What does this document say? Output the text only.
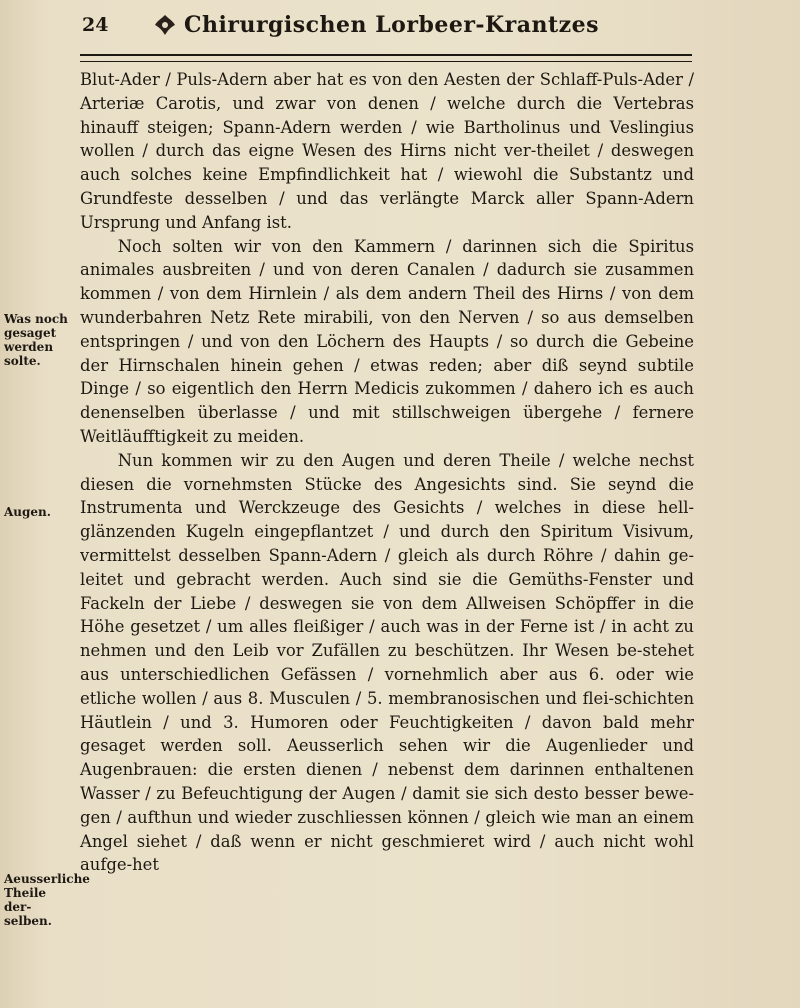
24	Chirurgischen Lorbeer-Krantzes
Was noch gesaget werden solte.
Augen.
Aeusserliche Theile der-selben.

Blut-Ader / Puls-Adern aber hat es von den Aesten der Schlaff-Puls-Ader / Arteriæ Carotis, und zwar von denen / welche durch die Vertebras hinauff steigen; Spann-Adern werden / wie Bartholinus und Veslingius wollen / durch das eigne Wesen des Hirns nicht ver-theilet / deswegen auch solches keine Empfindlichkeit hat / wiewohl die Substantz und Grundfeste desselben / und das verlängte Marck aller Spann-Adern Ursprung und Anfang ist.

Noch solten wir von den Kammern / darinnen sich die Spiritus animales ausbreiten / und von deren Canalen / dadurch sie zusammen kommen / von dem Hirnlein / als dem andern Theil des Hirns / von dem wunderbahren Netz Rete mirabili, von den Nerven / so aus demselben entspringen / und von den Löchern des Haupts / so durch die Gebeine der Hirnschalen hinein gehen / etwas reden; aber diß seynd subtile Dinge / so eigentlich den Herrn Medicis zukommen / dahero ich es auch denenselben überlasse / und mit stillschweigen übergehe / fernere Weitläufftigkeit zu meiden.

Nun kommen wir zu den Augen und deren Theile / welche nechst diesen die vornehmsten Stücke des Angesichts sind. Sie seynd die Instrumenta und Werckzeuge des Gesichts / welches in diese hell-glänzenden Kugeln eingepflantzet / und durch den Spiritum Visivum, vermittelst desselben Spann-Adern / gleich als durch Röhre / dahin ge-leitet und gebracht werden. Auch sind sie die Gemüths-Fenster und Fackeln der Liebe / deswegen sie von dem Allweisen Schöpffer in die Höhe gesetzet / um alles fleißiger / auch was in der Ferne ist / in acht zu nehmen und den Leib vor Zufällen zu beschützen. Ihr Wesen be-stehet aus unterschiedlichen Gefässen / vornehmlich aber aus 6. oder wie etliche wollen / aus 8. Musculen / 5. membranosischen und flei-schichten Häutlein / und 3. Humoren oder Feuchtigkeiten / davon bald mehr gesaget werden soll. Aeusserlich sehen wir die Augenlieder und Augenbrauen: die ersten dienen / nebenst dem darinnen enthaltenen Wasser / zu Befeuchtigung der Augen / damit sie sich desto besser bewe-gen / aufthun und wieder zuschliessen können / gleich wie man an einem Angel siehet / daß wenn er nicht geschmieret wird / auch nicht wohl aufge-het
